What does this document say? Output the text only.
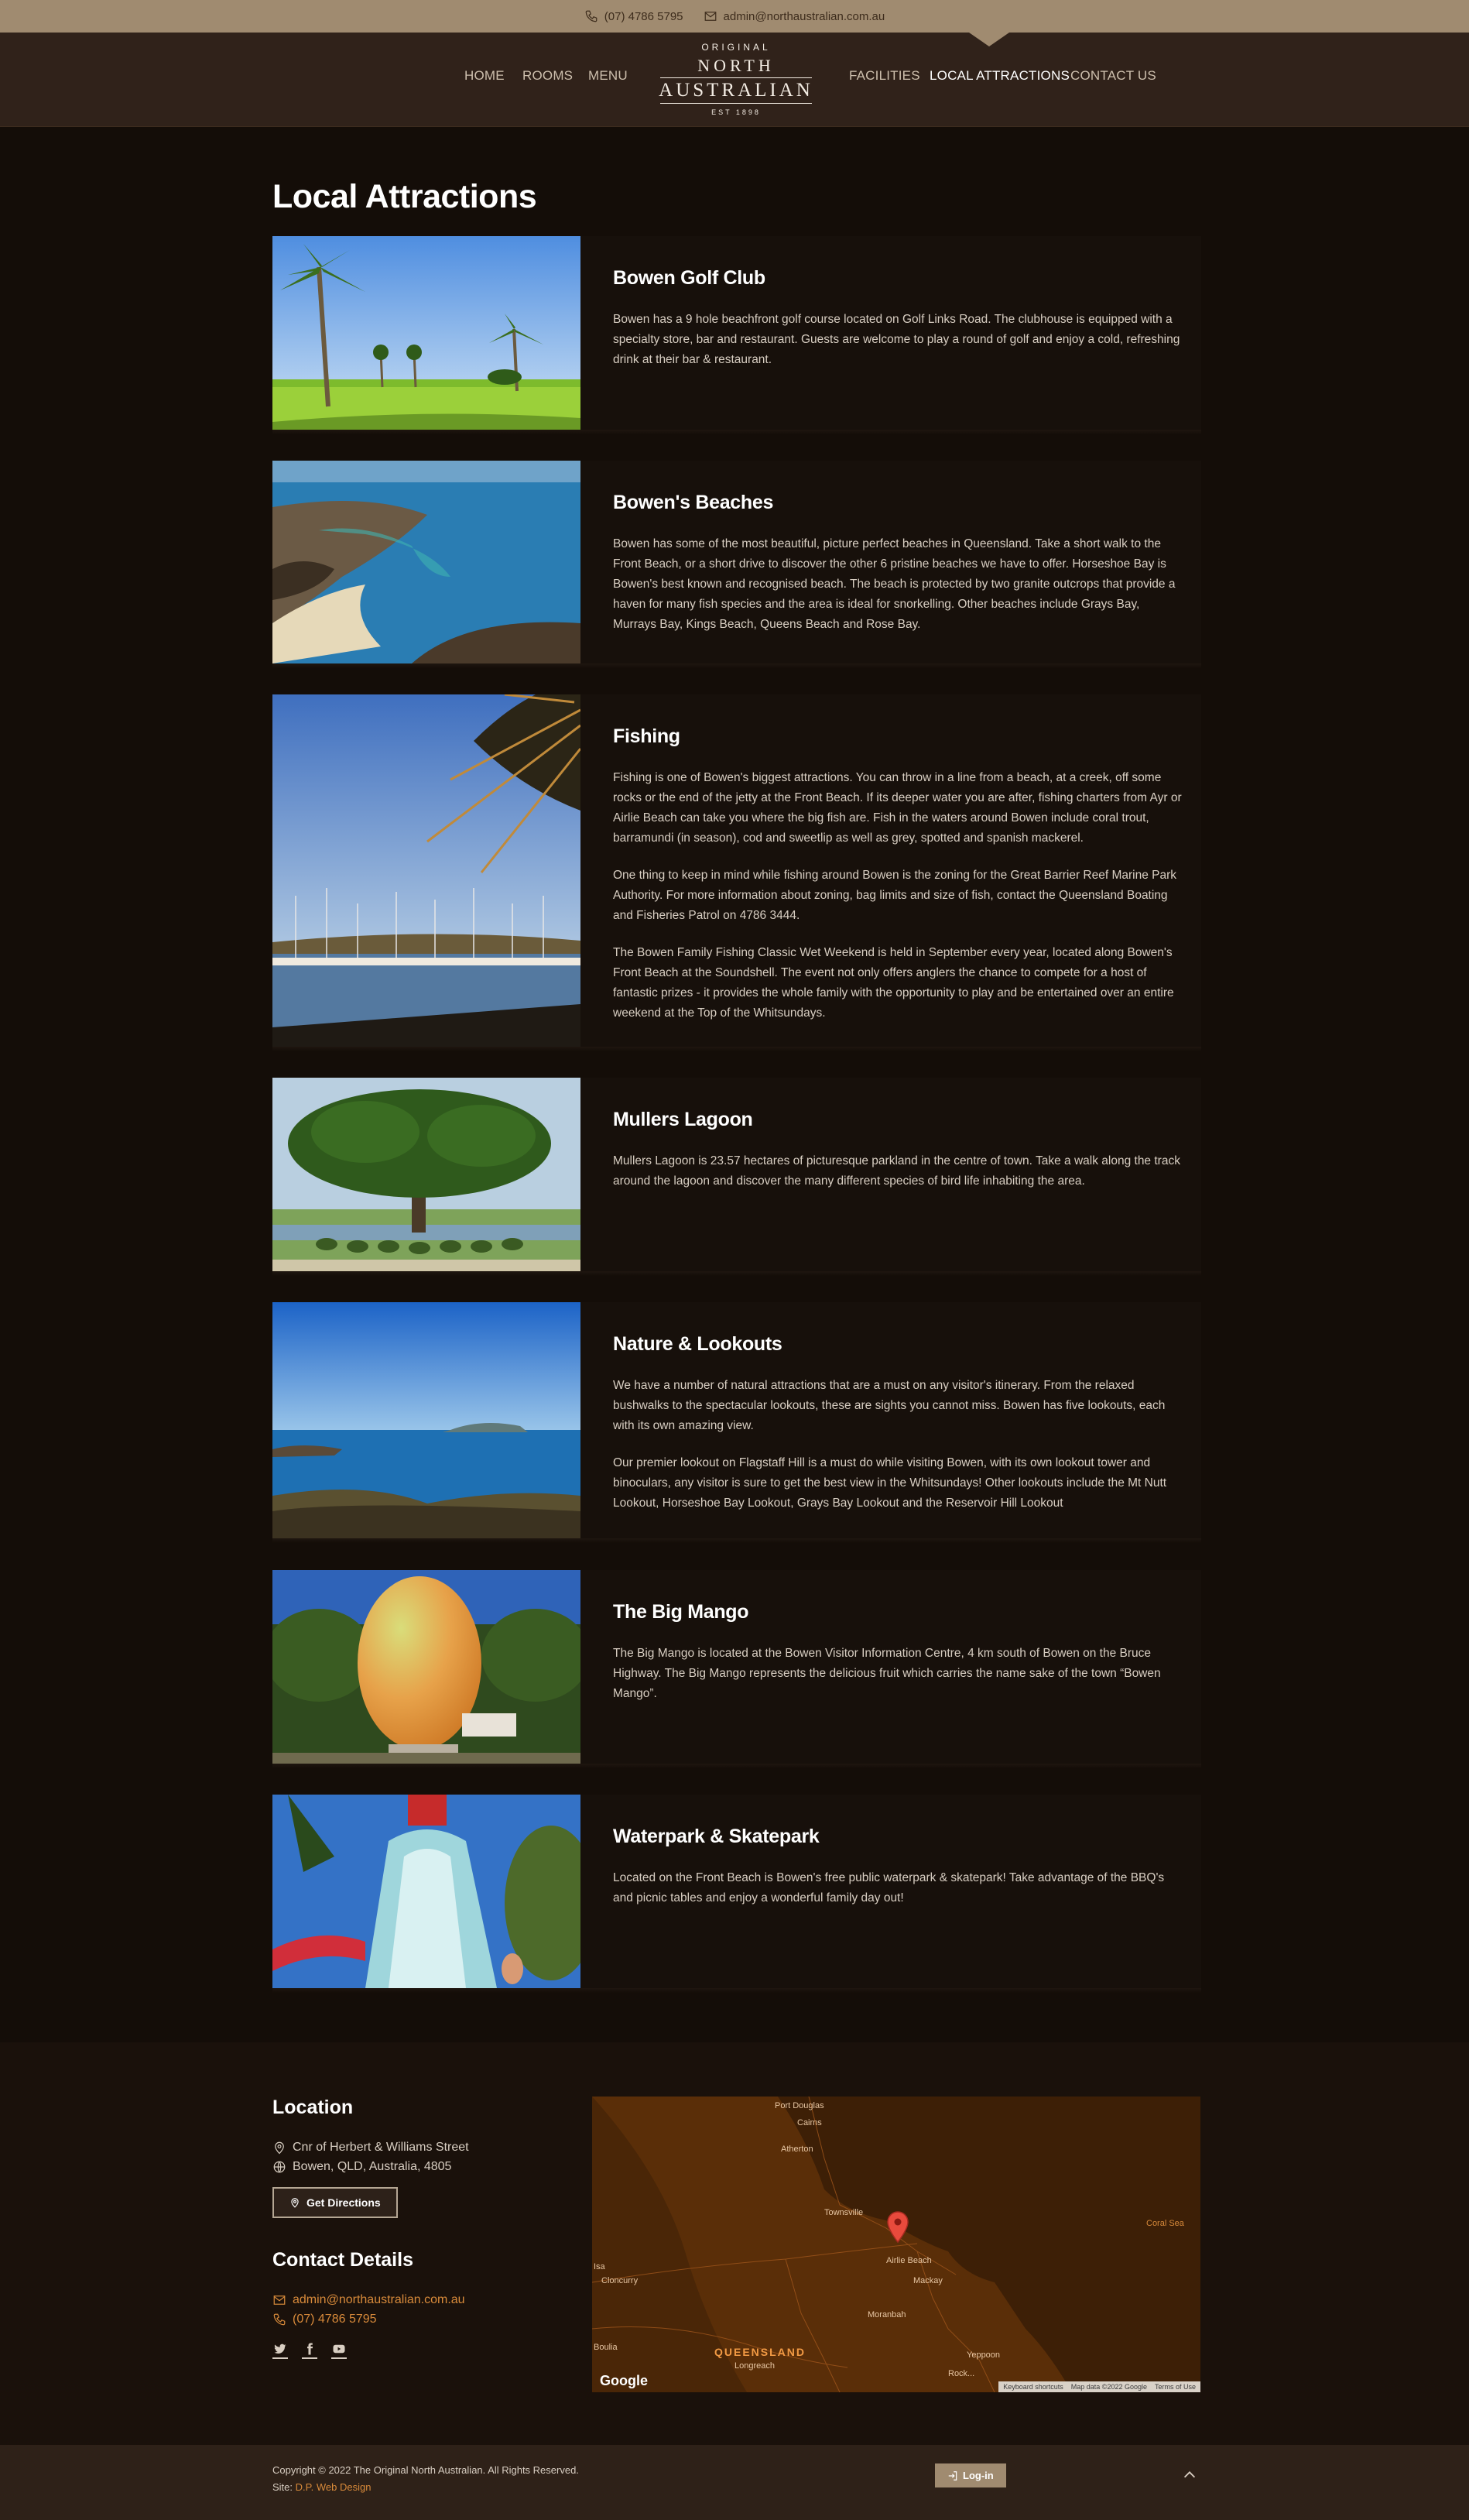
(07) 4786 5795	admin@northaustralian.com.au
HOME ROOMS MENU	FACILITIES LOCAL ATTRACTIONS CONTACT US
ORIGINAL
NORTH
AUSTRALIAN
EST 1898
Local Attractions
Bowen Golf Club

Bowen has a 9 hole beachfront golf course located on Golf Links Road. The clubhouse is equipped with a specialty store, bar and restaurant. Guests are welcome to play a round of golf and enjoy a cold, refreshing drink at their bar & restaurant.

Bowen's Beaches

Bowen has some of the most beautiful, picture perfect beaches in Queensland. Take a short walk to the Front Beach, or a short drive to discover the other 6 pristine beaches we have to offer. Horseshoe Bay is Bowen's best known and recognised beach. The beach is protected by two granite outcrops that provide a haven for many fish species and the area is ideal for snorkelling. Other beaches include Grays Bay, Murrays Bay, Kings Beach, Queens Beach and Rose Bay.

Fishing

Fishing is one of Bowen's biggest attractions. You can throw in a line from a beach, at a creek, off some rocks or the end of the jetty at the Front Beach. If its deeper water you are after, fishing charters from Ayr or Airlie Beach can take you where the big fish are. Fish in the waters around Bowen include coral trout, barramundi (in season), cod and sweetlip as well as grey, spotted and spanish mackerel.

One thing to keep in mind while fishing around Bowen is the zoning for the Great Barrier Reef Marine Park Authority. For more information about zoning, bag limits and size of fish, contact the Queensland Boating and Fisheries Patrol on 4786 3444.

The Bowen Family Fishing Classic Wet Weekend is held in September every year, located along Bowen's Front Beach at the Soundshell. The event not only offers anglers the chance to compete for a host of fantastic prizes - it provides the whole family with the opportunity to play and be entertained over an entire weekend at the Top of the Whitsundays.

Mullers Lagoon

Mullers Lagoon is 23.57 hectares of picturesque parkland in the centre of town. Take a walk along the track around the lagoon and discover the many different species of bird life inhabiting the area.

Nature & Lookouts

We have a number of natural attractions that are a must on any visitor's itinerary. From the relaxed bushwalks to the spectacular lookouts, these are sights you cannot miss. Bowen has five lookouts, each with its own amazing view.

Our premier lookout on Flagstaff Hill is a must do while visiting Bowen, with its own lookout tower and binoculars, any visitor is sure to get the best view in the Whitsundays! Other lookouts include the Mt Nutt Lookout, Horseshoe Bay Lookout, Grays Bay Lookout and the Reservoir Hill Lookout

The Big Mango

The Big Mango is located at the Bowen Visitor Information Centre, 4 km south of Bowen on the Bruce Highway. The Big Mango represents the delicious fruit which carries the name sake of the town “Bowen Mango”.

Waterpark & Skatepark

Located on the Front Beach is Bowen's free public waterpark & skatepark! Take advantage of the BBQ's and picnic tables and enjoy a wonderful family day out!

Location
Cnr of Herbert & Williams Street
Bowen, QLD, Australia, 4805
Get Directions
Contact Details
admin@northaustralian.com.au
(07) 4786 5795
Port Douglas
Cairns
Atherton
Townsville
Airlie Beach
Mackay
Moranbah
Cloncurry
Isa
Coral Sea
QUEENSLAND
Longreach
Boulia
Yeppoon
Rock...
Google	Keyboard shortcuts Map data ©2022 Google Terms of Use
Copyright © 2022 The Original North Australian. All Rights Reserved.
Site: D.P. Web Design
Log-in
